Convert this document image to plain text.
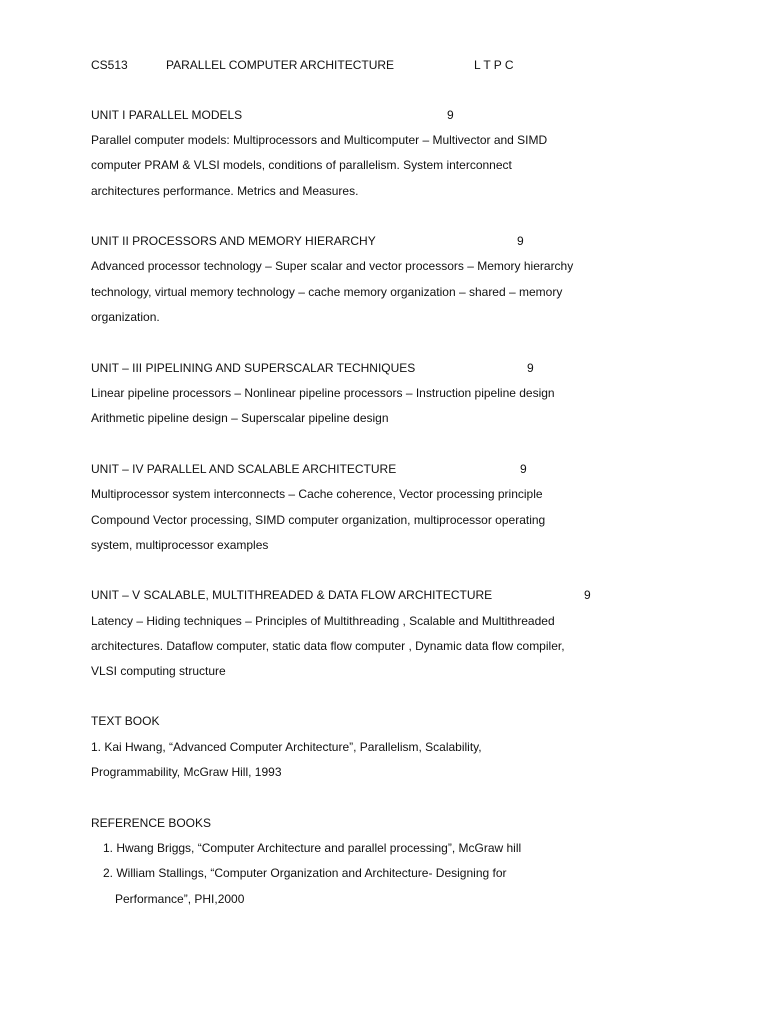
CS513	PARALLEL COMPUTER ARCHITECTURE	L T P C
UNIT I PARALLEL MODELS	9
Parallel computer models: Multiprocessors and Multicomputer – Multivector and SIMD
computer PRAM & VLSI models, conditions of parallelism. System interconnect
architectures performance. Metrics and Measures.
UNIT II PROCESSORS AND MEMORY HIERARCHY	9
Advanced processor technology – Super scalar and vector processors – Memory hierarchy
technology, virtual memory technology – cache memory organization – shared – memory
organization.
UNIT – III PIPELINING AND SUPERSCALAR TECHNIQUES	9
Linear pipeline processors – Nonlinear pipeline processors – Instruction pipeline design
Arithmetic pipeline design – Superscalar pipeline design
UNIT – IV PARALLEL AND SCALABLE ARCHITECTURE	9
Multiprocessor system interconnects – Cache coherence, Vector processing principle
Compound Vector processing, SIMD computer organization, multiprocessor operating
system, multiprocessor examples
UNIT – V SCALABLE, MULTITHREADED & DATA FLOW ARCHITECTURE	9
Latency – Hiding techniques – Principles of Multithreading , Scalable and Multithreaded
architectures. Dataflow computer, static data flow computer , Dynamic data flow compiler,
VLSI computing structure
TEXT BOOK
1. Kai Hwang, “Advanced Computer Architecture”, Parallelism, Scalability,
Programmability, McGraw Hill, 1993
REFERENCE BOOKS
1. Hwang Briggs, “Computer Architecture and parallel processing”, McGraw hill
2. William Stallings, “Computer Organization and Architecture- Designing for
Performance”, PHI,2000
